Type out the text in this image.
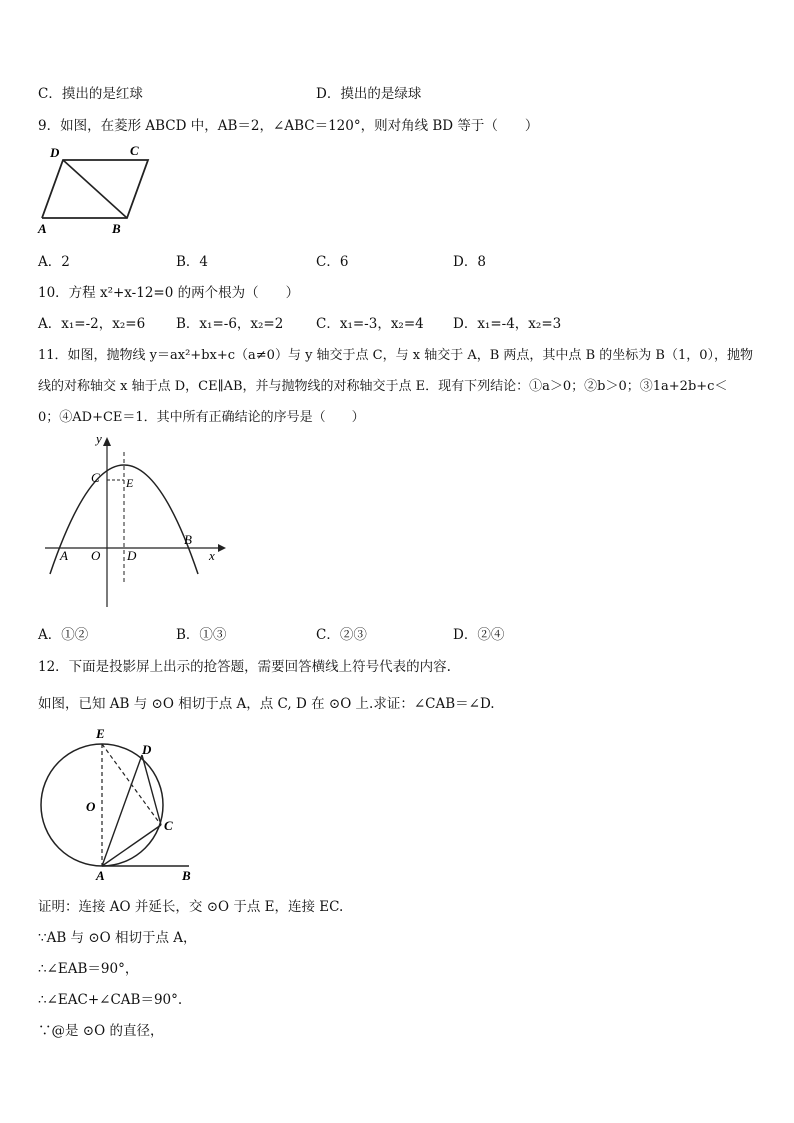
C．摸出的是红球	D．摸出的是绿球
9．如图，在菱形 ABCD 中，AB＝2，∠ABC＝120°，则对角线 BD 等于（　　）
D	C
A	B
A．2	B．4	C．6	D．8
10．方程 x²+x-12=0 的两个根为（　　）
A．x₁=-2，x₂=6 B．x₁=-6，x₂=2 C．x₁=-3，x₂=4 D．x₁=-4，x₂=3
11．如图，抛物线 y＝ax²+bx+c（a≠0）与 y 轴交于点 C，与 x 轴交于 A，B 两点，其中点 B 的坐标为 B（1，0），抛物
线的对称轴交 x 轴于点 D，CE∥AB，并与抛物线的对称轴交于点 E．现有下列结论：①a＞0；②b＞0；③1a+2b+c＜
0；④AD+CE＝1．其中所有正确结论的序号是（　　）
y
x
C E
A O D
B
A．①②	B．①③	C．②③	D．②④
12．下面是投影屏上出示的抢答题，需要回答横线上符号代表的内容.
如图，已知 AB 与 ⊙O 相切于点 A，点 C, D 在 ⊙O 上.求证：∠CAB＝∠D.
E
D
O
C
A	B
证明：连接 AO 并延长，交 ⊙O 于点 E，连接 EC.
∵AB 与 ⊙O 相切于点 A，
∴∠EAB＝90°，
∴∠EAC+∠CAB＝90°.
∵@是 ⊙O 的直径，
